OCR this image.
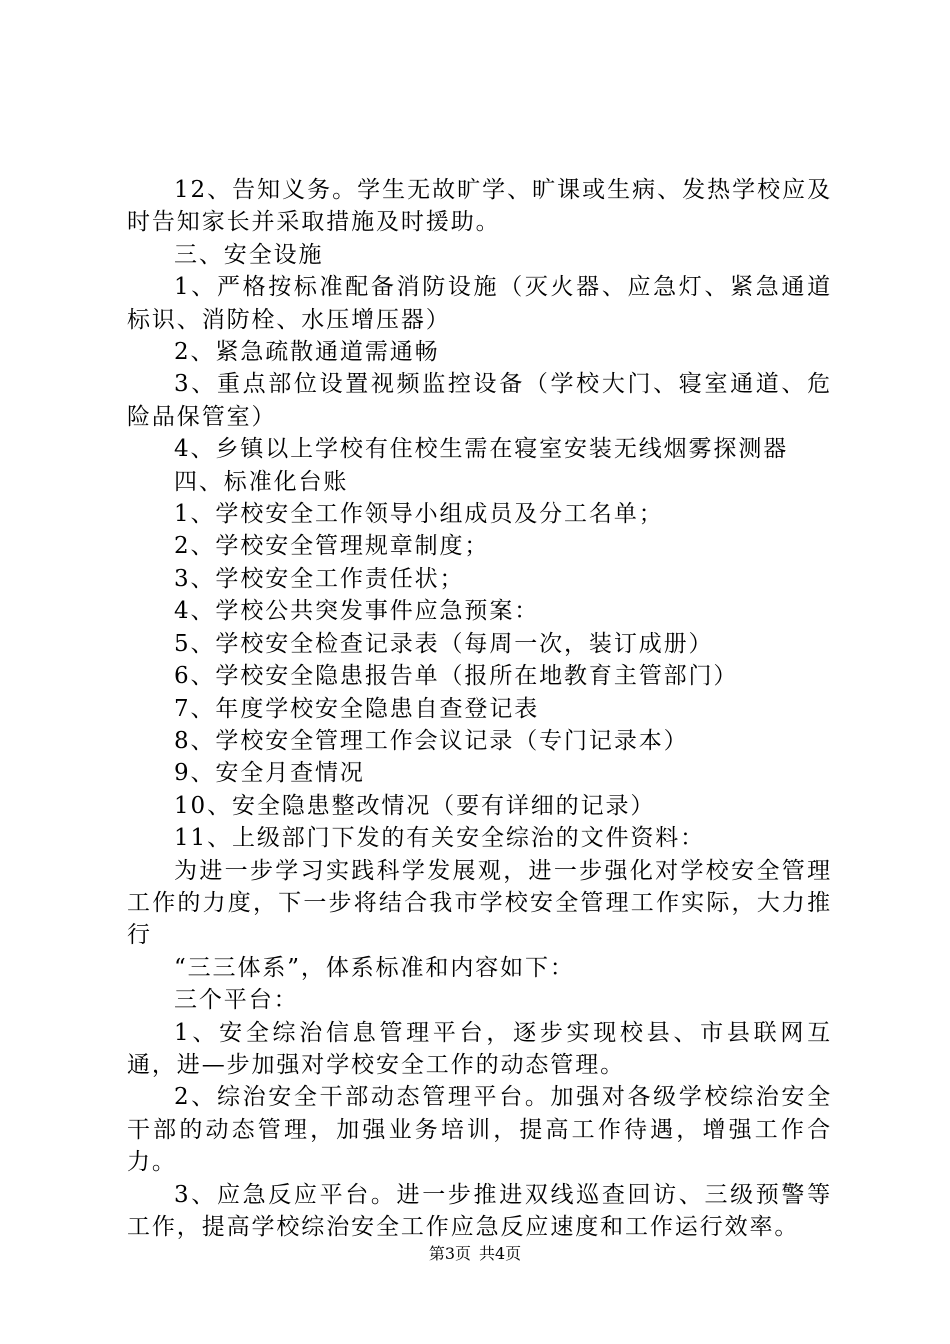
12、告知义务。学生无故旷学、旷课或生病、发热学校应及时告知家长并采取措施及时援助。

三、安全设施

1、严格按标准配备消防设施（灭火器、应急灯、紧急通道标识、消防栓、水压增压器）

2、紧急疏散通道需通畅

3、重点部位设置视频监控设备（学校大门、寝室通道、危险品保管室）

4、乡镇以上学校有住校生需在寝室安装无线烟雾探测器

四、标准化台账

1、学校安全工作领导小组成员及分工名单；

2、学校安全管理规章制度；

3、学校安全工作责任状；

4、学校公共突发事件应急预案：

5、学校安全检查记录表（每周一次，装订成册）

6、学校安全隐患报告单（报所在地教育主管部门）

7、年度学校安全隐患自查登记表

8、学校安全管理工作会议记录（专门记录本）

9、安全月查情况

10、安全隐患整改情况（要有详细的记录）

11、上级部门下发的有关安全综治的文件资料：

为进一步学习实践科学发展观，进一步强化对学校安全管理工作的力度，下一步将结合我市学校安全管理工作实际，大力推行

“三三体系”，体系标准和内容如下：

三个平台：

1、安全综治信息管理平台，逐步实现校县、市县联网互通，进—步加强对学校安全工作的动态管理。

2、综治安全干部动态管理平台。加强对各级学校综治安全干部的动态管理，加强业务培训，提高工作待遇，增强工作合力。

3、应急反应平台。进一步推进双线巡查回访、三级预警等工作，提高学校综治安全工作应急反应速度和工作运行效率。

第3页 共4页
